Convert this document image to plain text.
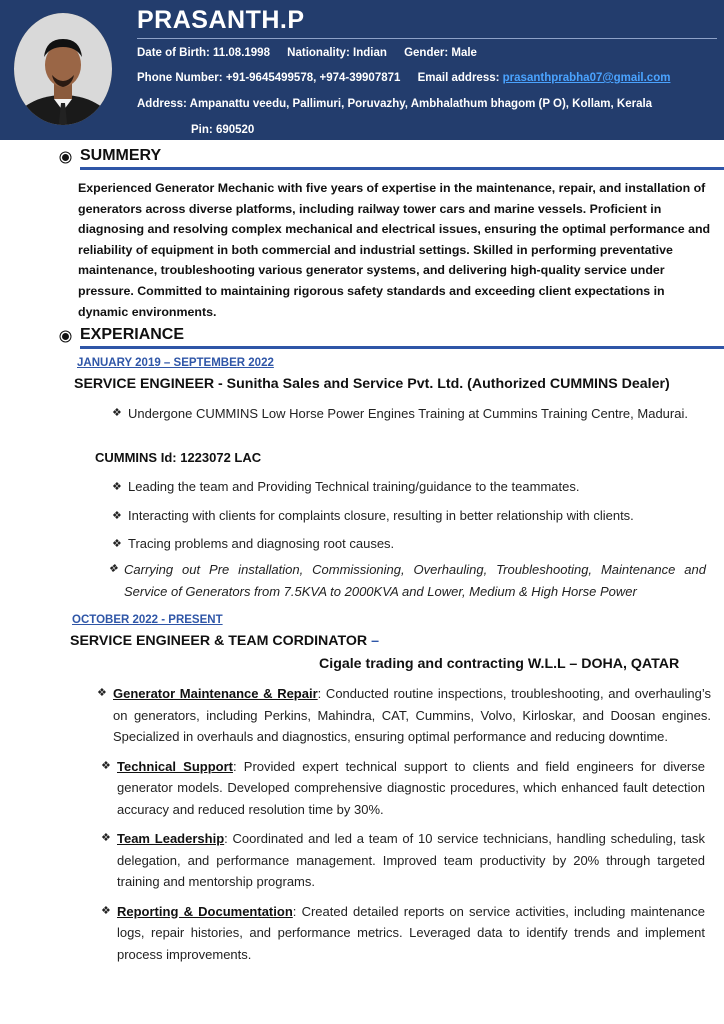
PRASANTH.P
Date of Birth: 11.08.1998 Nationality: Indian Gender: Male
Phone Number: +91-9645499578, +974-39907871 Email address: prasanthprabha07@gmail.com
Address: Ampanattu veedu, Pallimuri, Poruvazhy, Ambhalathum bhagom (P O), Kollam, Kerala
Pin: 690520
SUMMERY
Experienced Generator Mechanic with five years of expertise in the maintenance, repair, and installation of generators across diverse platforms, including railway tower cars and marine vessels. Proficient in diagnosing and resolving complex mechanical and electrical issues, ensuring the optimal performance and reliability of equipment in both commercial and industrial settings. Skilled in performing preventative maintenance, troubleshooting various generator systems, and delivering high-quality service under pressure. Committed to maintaining rigorous safety standards and exceeding client expectations in dynamic environments.
EXPERIANCE
JANUARY 2019 – SEPTEMBER 2022
SERVICE ENGINEER - Sunitha Sales and Service Pvt. Ltd. (Authorized CUMMINS Dealer)
❖ Undergone CUMMINS Low Horse Power Engines Training at Cummins Training Centre, Madurai.
CUMMINS Id: 1223072 LAC
❖ Leading the team and Providing Technical training/guidance to the teammates.
❖ Interacting with clients for complaints closure, resulting in better relationship with clients.
❖ Tracing problems and diagnosing root causes.
❖ Carrying out Pre installation, Commissioning, Overhauling, Troubleshooting, Maintenance and Service of Generators from 7.5KVA to 2000KVA and Lower, Medium & High Horse Power
OCTOBER 2022 - PRESENT
SERVICE ENGINEER & TEAM CORDINATOR –
Cigale trading and contracting W.L.L – DOHA, QATAR
❖ Generator Maintenance & Repair: Conducted routine inspections, troubleshooting, and overhauling’s on generators, including Perkins, Mahindra, CAT, Cummins, Volvo, Kirloskar, and Doosan engines. Specialized in overhauls and diagnostics, ensuring optimal performance and reducing downtime.
❖ Technical Support: Provided expert technical support to clients and field engineers for diverse generator models. Developed comprehensive diagnostic procedures, which enhanced fault detection accuracy and reduced resolution time by 30%.
❖ Team Leadership: Coordinated and led a team of 10 service technicians, handling scheduling, task delegation, and performance management. Improved team productivity by 20% through targeted training and mentorship programs.
❖ Reporting & Documentation: Created detailed reports on service activities, including maintenance logs, repair histories, and performance metrics. Leveraged data to identify trends and implement process improvements.
